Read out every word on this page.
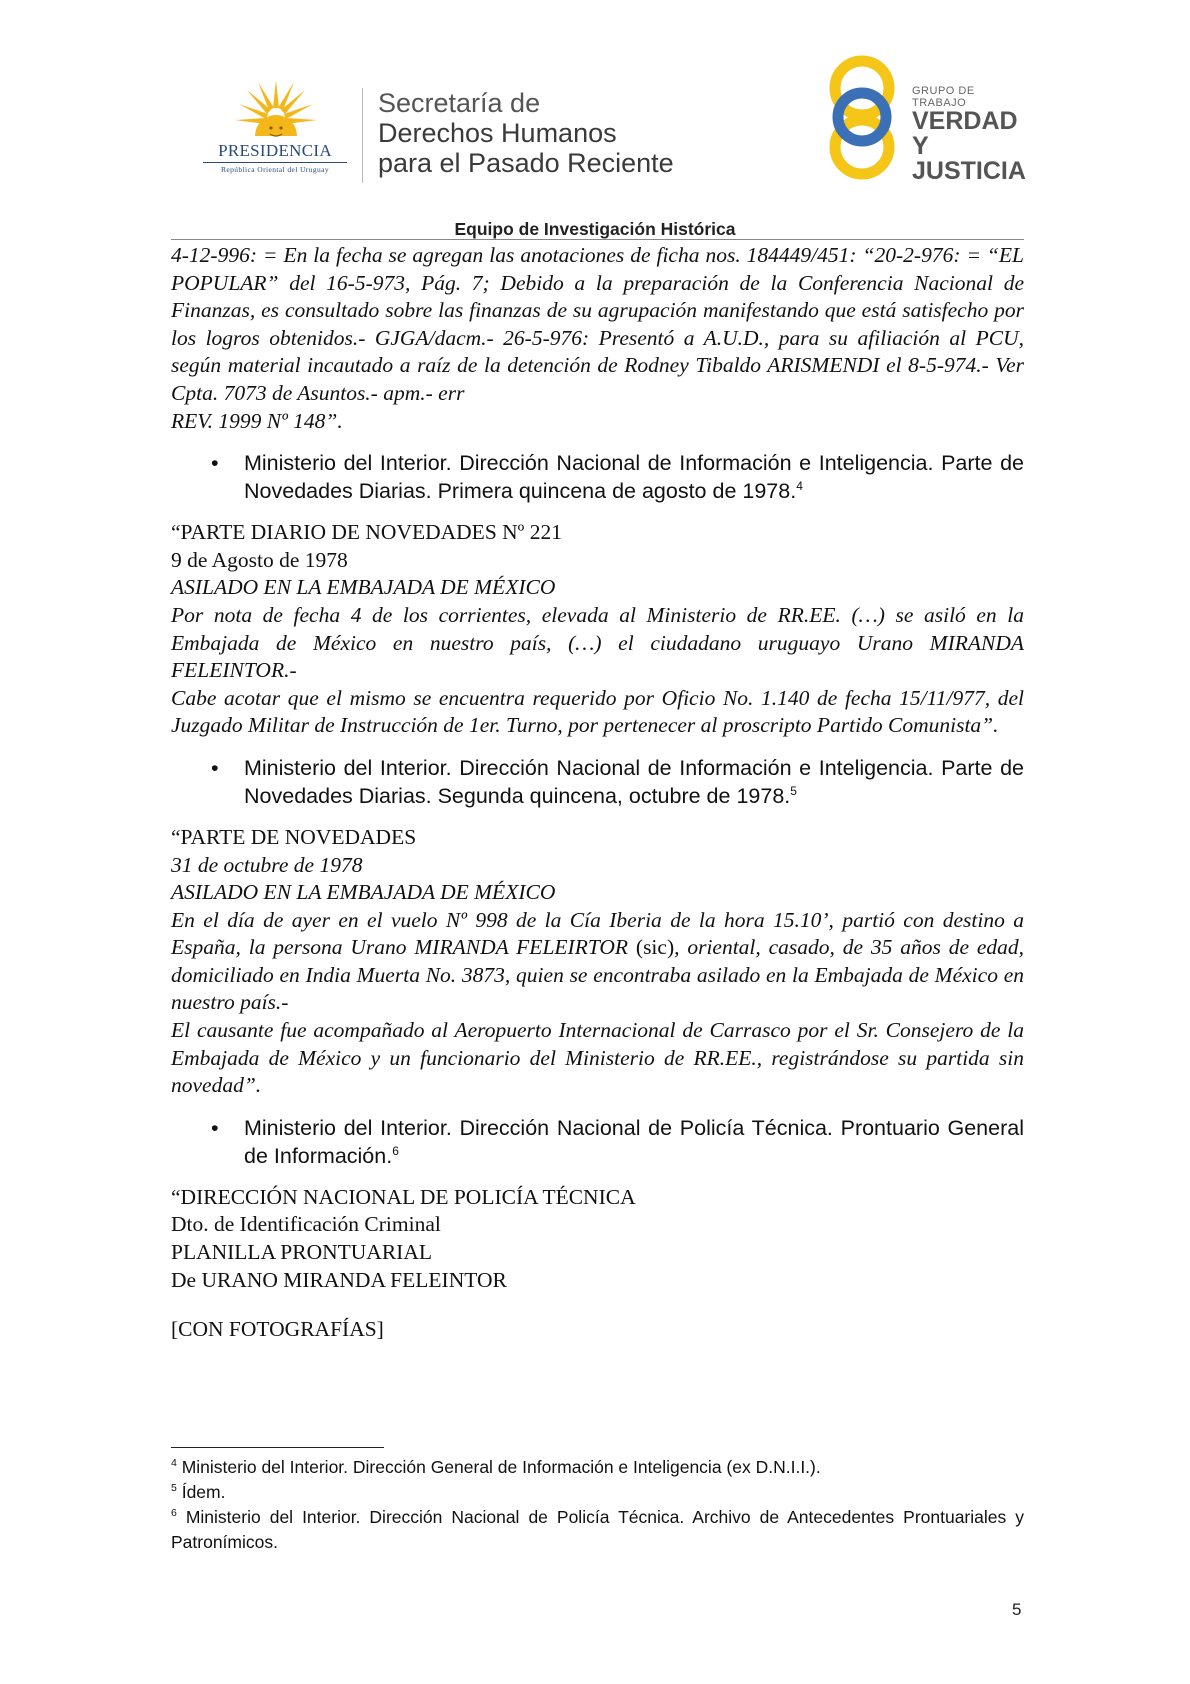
PRESIDENCIA
República Oriental del Uruguay
Secretaría de
Derechos Humanos
para el Pasado Reciente
GRUPO DE TRABAJO
VERDAD Y
JUSTICIA
Equipo de Investigación Histórica

4-12-996: = En la fecha se agregan las anotaciones de ficha nos. 184449/451: “20-2-976: = “EL POPULAR” del 16-5-973, Pág. 7; Debido a la preparación de la Conferencia Nacional de Finanzas, es consultado sobre las finanzas de su agrupación manifestando que está satisfecho por los logros obtenidos.- GJGA/dacm.- 26-5-976: Presentó a A.U.D., para su afiliación al PCU, según material incautado a raíz de la detención de Rodney Tibaldo ARISMENDI el 8-5-974.- Ver Cpta. 7073 de Asuntos.- apm.- err

REV. 1999 Nº 148”.

• Ministerio del Interior. Dirección Nacional de Información e Inteligencia. Parte de Novedades Diarias. Primera quincena de agosto de 1978.$^4$

“PARTE DIARIO DE NOVEDADES Nº 221

9 de Agosto de 1978

ASILADO EN LA EMBAJADA DE MÉXICO

Por nota de fecha 4 de los corrientes, elevada al Ministerio de RR.EE. (…) se asiló en la Embajada de México en nuestro país, (…) el ciudadano uruguayo Urano MIRANDA FELEINTOR.-

Cabe acotar que el mismo se encuentra requerido por Oficio No. 1.140 de fecha 15/11/977, del Juzgado Militar de Instrucción de 1er. Turno, por pertenecer al proscripto Partido Comunista”.

• Ministerio del Interior. Dirección Nacional de Información e Inteligencia. Parte de Novedades Diarias. Segunda quincena, octubre de 1978.$^5$

“PARTE DE NOVEDADES

31 de octubre de 1978

ASILADO EN LA EMBAJADA DE MÉXICO

En el día de ayer en el vuelo Nº 998 de la Cía Iberia de la hora 15.10’, partió con destino a España, la persona Urano MIRANDA FELEIRTOR (sic), oriental, casado, de 35 años de edad, domiciliado en India Muerta No. 3873, quien se encontraba asilado en la Embajada de México en nuestro país.-

El causante fue acompañado al Aeropuerto Internacional de Carrasco por el Sr. Consejero de la Embajada de México y un funcionario del Ministerio de RR.EE., registrándose su partida sin novedad”.

• Ministerio del Interior. Dirección Nacional de Policía Técnica. Prontuario General de Información.$^6$

“DIRECCIÓN NACIONAL DE POLICÍA TÉCNICA

Dto. de Identificación Criminal

PLANILLA PRONTUARIAL

De URANO MIRANDA FELEINTOR

[CON FOTOGRAFÍAS]

$^4$ Ministerio del Interior. Dirección General de Información e Inteligencia (ex D.N.I.I.).

$^5$ Ídem.

$^6$ Ministerio del Interior. Dirección Nacional de Policía Técnica. Archivo de Antecedentes Prontuariales y Patronímicos.

5
